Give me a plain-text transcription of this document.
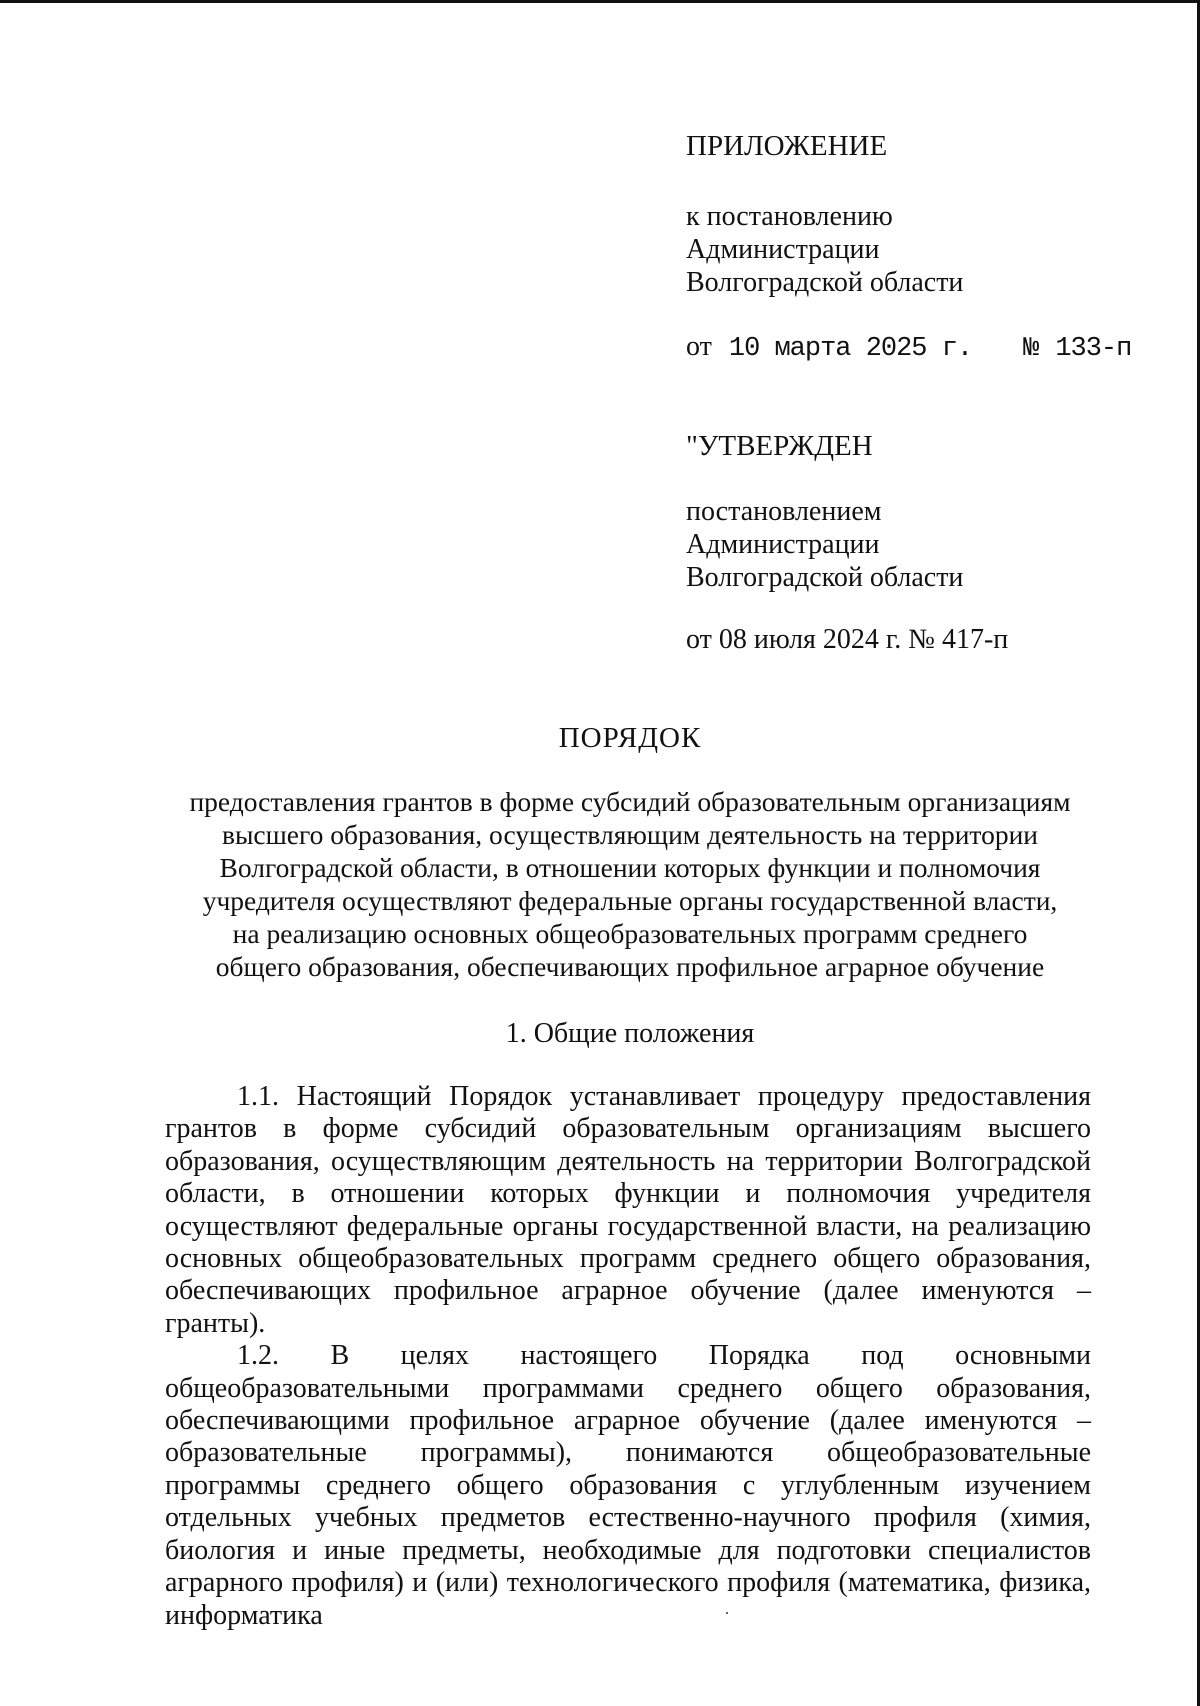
ПРИЛОЖЕНИЕ
к постановлению
Администрации
Волгоградской области
от 10 марта 2025 г. № 133-п
"УТВЕРЖДЕН
постановлением
Администрации
Волгоградской области
от 08 июля 2024 г. № 417-п
ПОРЯДОК
предоставления грантов в форме субсидий образовательным организациям
высшего образования, осуществляющим деятельность на территории
Волгоградской области, в отношении которых функции и полномочия
учредителя осуществляют федеральные органы государственной власти,
на реализацию основных общеобразовательных программ среднего
общего образования, обеспечивающих профильное аграрное обучение
1. Общие положения

1.1. Настоящий Порядок устанавливает процедуру предоставления грантов в форме субсидий образовательным организациям высшего образования, осуществляющим деятельность на территории Волгоградской области, в отношении которых функции и полномочия учредителя осуществляют федеральные органы государственной власти, на реализацию основных общеобразовательных программ среднего общего образования, обеспечивающих профильное аграрное обучение (далее именуются – гранты).

1.2. В целях настоящего Порядка под основными общеобразовательными программами среднего общего образования, обеспечивающими профильное аграрное обучение (далее именуются – образовательные программы), понимаются общеобразовательные программы среднего общего образования с углубленным изучением отдельных учебных предметов естественно-научного профиля (химия, биология и иные предметы, необходимые для подготовки специалистов аграрного профиля) и (или) технологического профиля (математика, физика, информатика
